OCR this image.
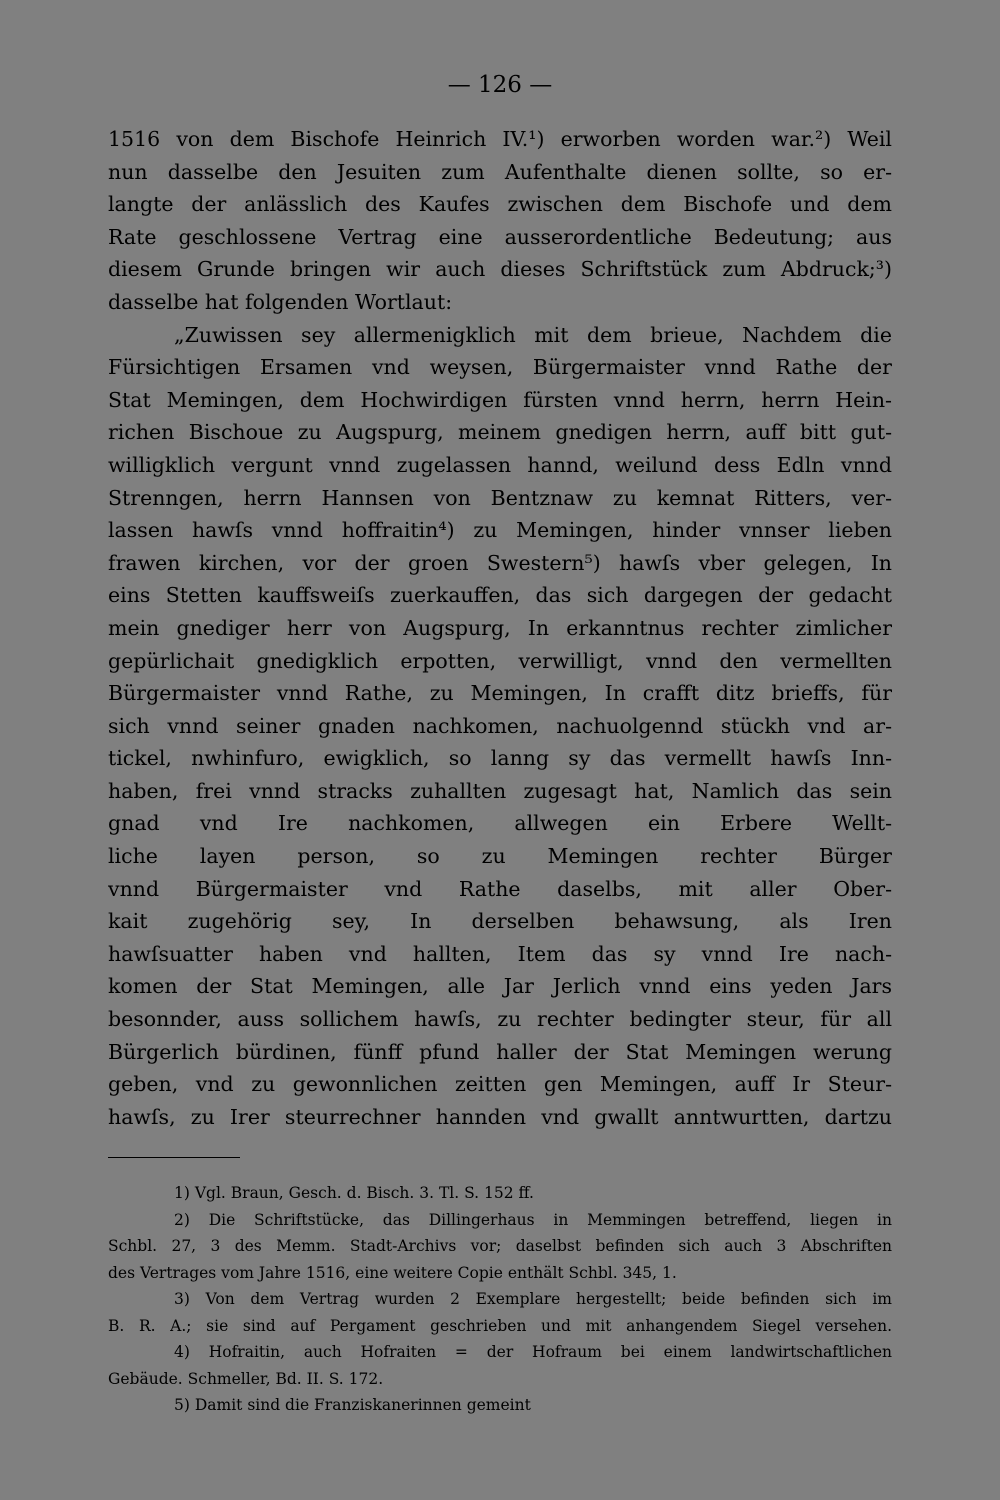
— 126 —
1516 von dem Bischofe Heinrich IV.¹) erworben worden war.²) Weil
nun dasselbe den Jesuiten zum Aufenthalte dienen sollte, so er-
langte der anlässlich des Kaufes zwischen dem Bischofe und dem
Rate geschlossene Vertrag eine ausserordentliche Bedeutung; aus
diesem Grunde bringen wir auch dieses Schriftstück zum Abdruck;³)
dasselbe hat folgenden Wortlaut:
„Zuwissen sey allermenigklich mit dem brieue, Nachdem die
Fürsichtigen Ersamen vnd weysen, Bürgermaister vnnd Rathe der
Stat Memingen, dem Hochwirdigen fürsten vnnd herrn, herrn Hein-
richen Bischoue zu Augspurg, meinem gnedigen herrn, auff bitt gut-
willigklich vergunt vnnd zugelassen hannd, weilund dess Edln vnnd
Strenngen, herrn Hannsen von Bentznaw zu kemnat Ritters, ver-
lassen hawſs vnnd hoffraitin⁴) zu Memingen, hinder vnnser lieben
frawen kirchen, vor der groen Swestern⁵) hawſs vber gelegen, In
eins Stetten kauffsweiſs zuerkauffen, das sich dargegen der gedacht
mein gnediger herr von Augspurg, In erkanntnus rechter zimlicher
gepürlichait gnedigklich erpotten, verwilligt, vnnd den vermellten
Bürgermaister vnnd Rathe, zu Memingen, In crafft ditz brieffs, für
sich vnnd seiner gnaden nachkomen, nachuolgennd stückh vnd ar-
tickel, nwhinfuro, ewigklich, so lanng sy das vermellt hawſs Inn-
haben, frei vnnd stracks zuhallten zugesagt hat, Namlich das sein
gnad vnd Ire nachkomen, allwegen ein Erbere Wellt-
liche layen person, so zu Memingen rechter Bürger
vnnd Bürgermaister vnd Rathe daselbs, mit aller Ober-
kait zugehörig sey, In derselben behawsung, als Iren
hawſsuatter haben vnd hallten, Item das sy vnnd Ire nach-
komen der Stat Memingen, alle Jar Jerlich vnnd eins yeden Jars
besonnder, auss sollichem hawſs, zu rechter bedingter steur, für all
Bürgerlich bürdinen, fünff pfund haller der Stat Memingen werung
geben, vnd zu gewonnlichen zeitten gen Memingen, auff Ir Steur-
hawſs, zu Irer steurrechner hannden vnd gwallt anntwurtten, dartzu
1) Vgl. Braun, Gesch. d. Bisch. 3. Tl. S. 152 ff.
2) Die Schriftstücke, das Dillingerhaus in Memmingen betreffend, liegen in
Schbl. 27, 3 des Memm. Stadt-Archivs vor; daselbst befinden sich auch 3 Abschriften
des Vertrages vom Jahre 1516, eine weitere Copie enthält Schbl. 345, 1.
3) Von dem Vertrag wurden 2 Exemplare hergestellt; beide befinden sich im
B. R. A.; sie sind auf Pergament geschrieben und mit anhangendem Siegel versehen.
4) Hofraitin, auch Hofraiten = der Hofraum bei einem landwirtschaftlichen
Gebäude. Schmeller, Bd. II. S. 172.
5) Damit sind die Franziskanerinnen gemeint
